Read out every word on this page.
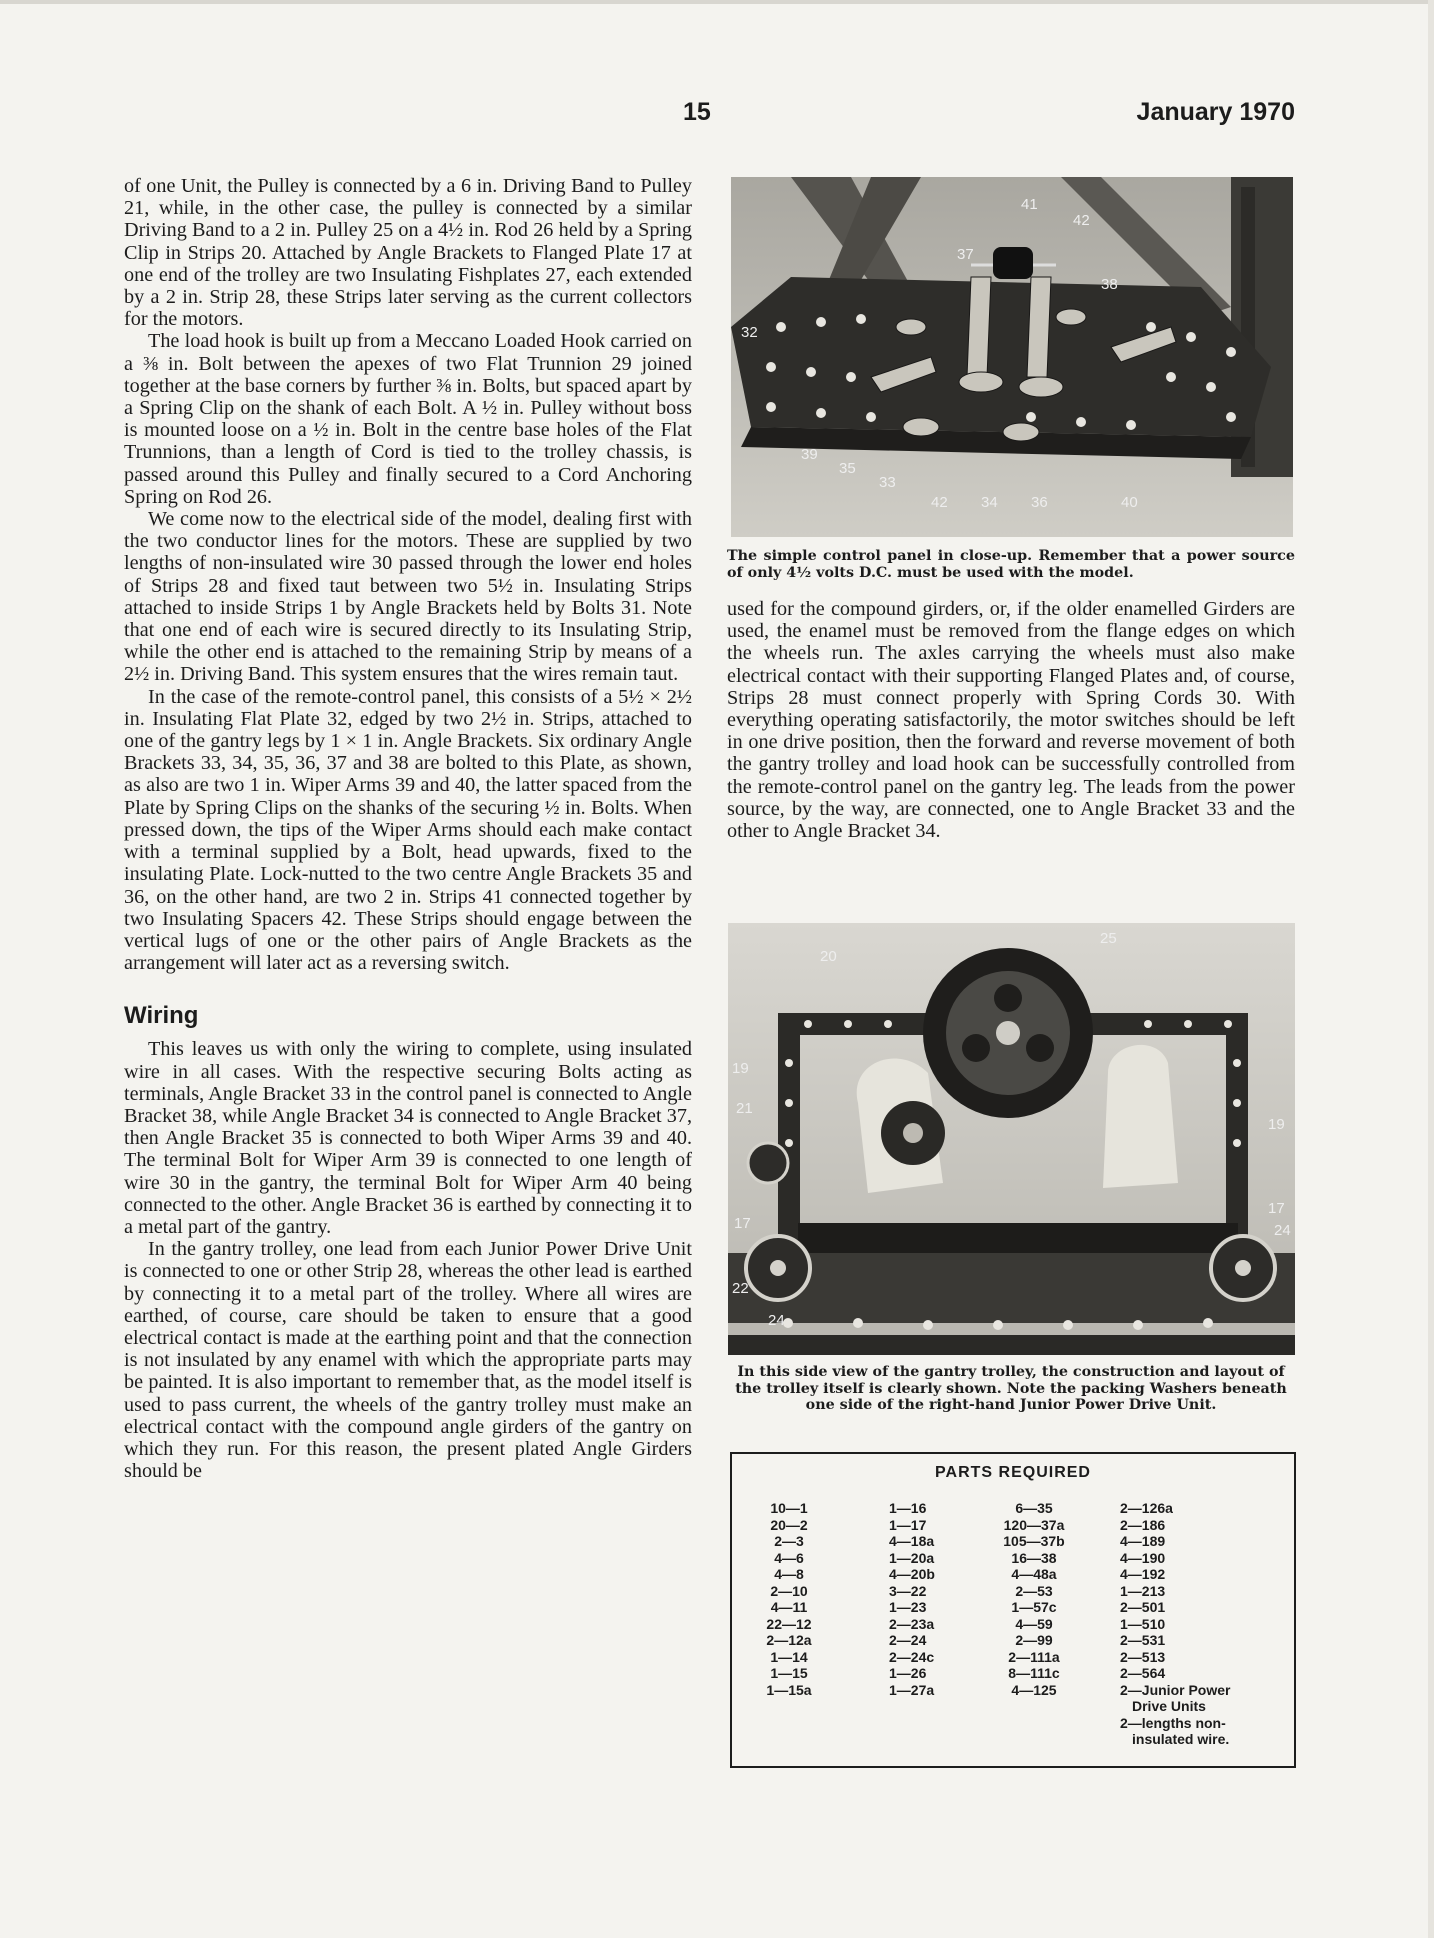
15	January 1970

of one Unit, the Pulley is connected by a 6 in. Driving Band to Pulley 21, while, in the other case, the pulley is connected by a similar Driving Band to a 2 in. Pulley 25 on a 4½ in. Rod 26 held by a Spring Clip in Strips 20. Attached by Angle Brackets to Flanged Plate 17 at one end of the trolley are two Insulating Fishplates 27, each extended by a 2 in. Strip 28, these Strips later serving as the current collectors for the motors.

The load hook is built up from a Meccano Loaded Hook carried on a ⅜ in. Bolt between the apexes of two Flat Trunnion 29 joined together at the base corners by further ⅜ in. Bolts, but spaced apart by a Spring Clip on the shank of each Bolt. A ½ in. Pulley without boss is mounted loose on a ½ in. Bolt in the centre base holes of the Flat Trunnions, than a length of Cord is tied to the trolley chassis, is passed around this Pulley and finally secured to a Cord Anchoring Spring on Rod 26.

We come now to the electrical side of the model, dealing first with the two conductor lines for the motors. These are supplied by two lengths of non-insulated wire 30 passed through the lower end holes of Strips 28 and fixed taut between two 5½ in. Insulating Strips attached to inside Strips 1 by Angle Brackets held by Bolts 31. Note that one end of each wire is secured directly to its Insulating Strip, while the other end is attached to the remaining Strip by means of a 2½ in. Driving Band. This system ensures that the wires remain taut.

In the case of the remote-control panel, this consists of a 5½ × 2½ in. Insulating Flat Plate 32, edged by two 2½ in. Strips, attached to one of the gantry legs by 1 × 1 in. Angle Brackets. Six ordinary Angle Brackets 33, 34, 35, 36, 37 and 38 are bolted to this Plate, as shown, as also are two 1 in. Wiper Arms 39 and 40, the latter spaced from the Plate by Spring Clips on the shanks of the securing ½ in. Bolts. When pressed down, the tips of the Wiper Arms should each make contact with a terminal supplied by a Bolt, head upwards, fixed to the insulating Plate. Lock-nutted to the two centre Angle Brackets 35 and 36, on the other hand, are two 2 in. Strips 41 connected together by two Insulating Spacers 42. These Strips should engage between the vertical lugs of one or the other pairs of Angle Brackets as the arrangement will later act as a reversing switch.

Wiring

This leaves us with only the wiring to complete, using insulated wire in all cases. With the respective securing Bolts acting as terminals, Angle Bracket 33 in the control panel is connected to Angle Bracket 38, while Angle Bracket 34 is connected to Angle Bracket 37, then Angle Bracket 35 is connected to both Wiper Arms 39 and 40. The terminal Bolt for Wiper Arm 39 is connected to one length of wire 30 in the gantry, the terminal Bolt for Wiper Arm 40 being connected to the other. Angle Bracket 36 is earthed by connecting it to a metal part of the gantry.

In the gantry trolley, one lead from each Junior Power Drive Unit is connected to one or other Strip 28, whereas the other lead is earthed by connecting it to a metal part of the trolley. Where all wires are earthed, of course, care should be taken to ensure that a good electrical contact is made at the earthing point and that the connection is not insulated by any enamel with which the appropriate parts may be painted. It is also important to remember that, as the model itself is used to pass current, the wheels of the gantry trolley must make an electrical contact with the compound angle girders of the gantry on which they run. For this reason, the present plated Angle Girders should be

41
42
37
38
32
39
35
33
42 34 36	40
The simple control panel in close-up. Remember that a power source of only 4½ volts D.C. must be used with the model.

used for the compound girders, or, if the older enamelled Girders are used, the enamel must be removed from the flange edges on which the wheels run. The axles carrying the wheels must also make electrical contact with their supporting Flanged Plates and, of course, Strips 28 must connect properly with Spring Cords 30. With everything operating satisfactorily, the motor switches should be left in one drive position, then the forward and reverse movement of both the gantry trolley and load hook can be successfully controlled from the remote-control panel on the gantry leg. The leads from the power source, by the way, are connected, one to Angle Bracket 33 and the other to Angle Bracket 34.

20
25
19
21
19
17
17
24
22
24
In this side view of the gantry trolley, the construction and layout of the trolley itself is clearly shown. Note the packing Washers beneath one side of the right-hand Junior Power Drive Unit.
PARTS REQUIRED
10—1
20—2
2—3
4—6
4—8
2—10
4—11
22—12
2—12a
1—14
1—15
1—15a
1—16
1—17
4—18a
1—20a
4—20b
3—22
1—23
2—23a
2—24
2—24c
1—26
1—27a
6—35
120—37a
105—37b
16—38
4—48a
2—53
1—57c
4—59
2—99
2—111a
8—111c
4—125
2—126a
2—186
4—189
4—190
4—192
1—213
2—501
1—510
2—531
2—513
2—564
2—Junior Power
Drive Units
2—lengths non-
insulated wire.
